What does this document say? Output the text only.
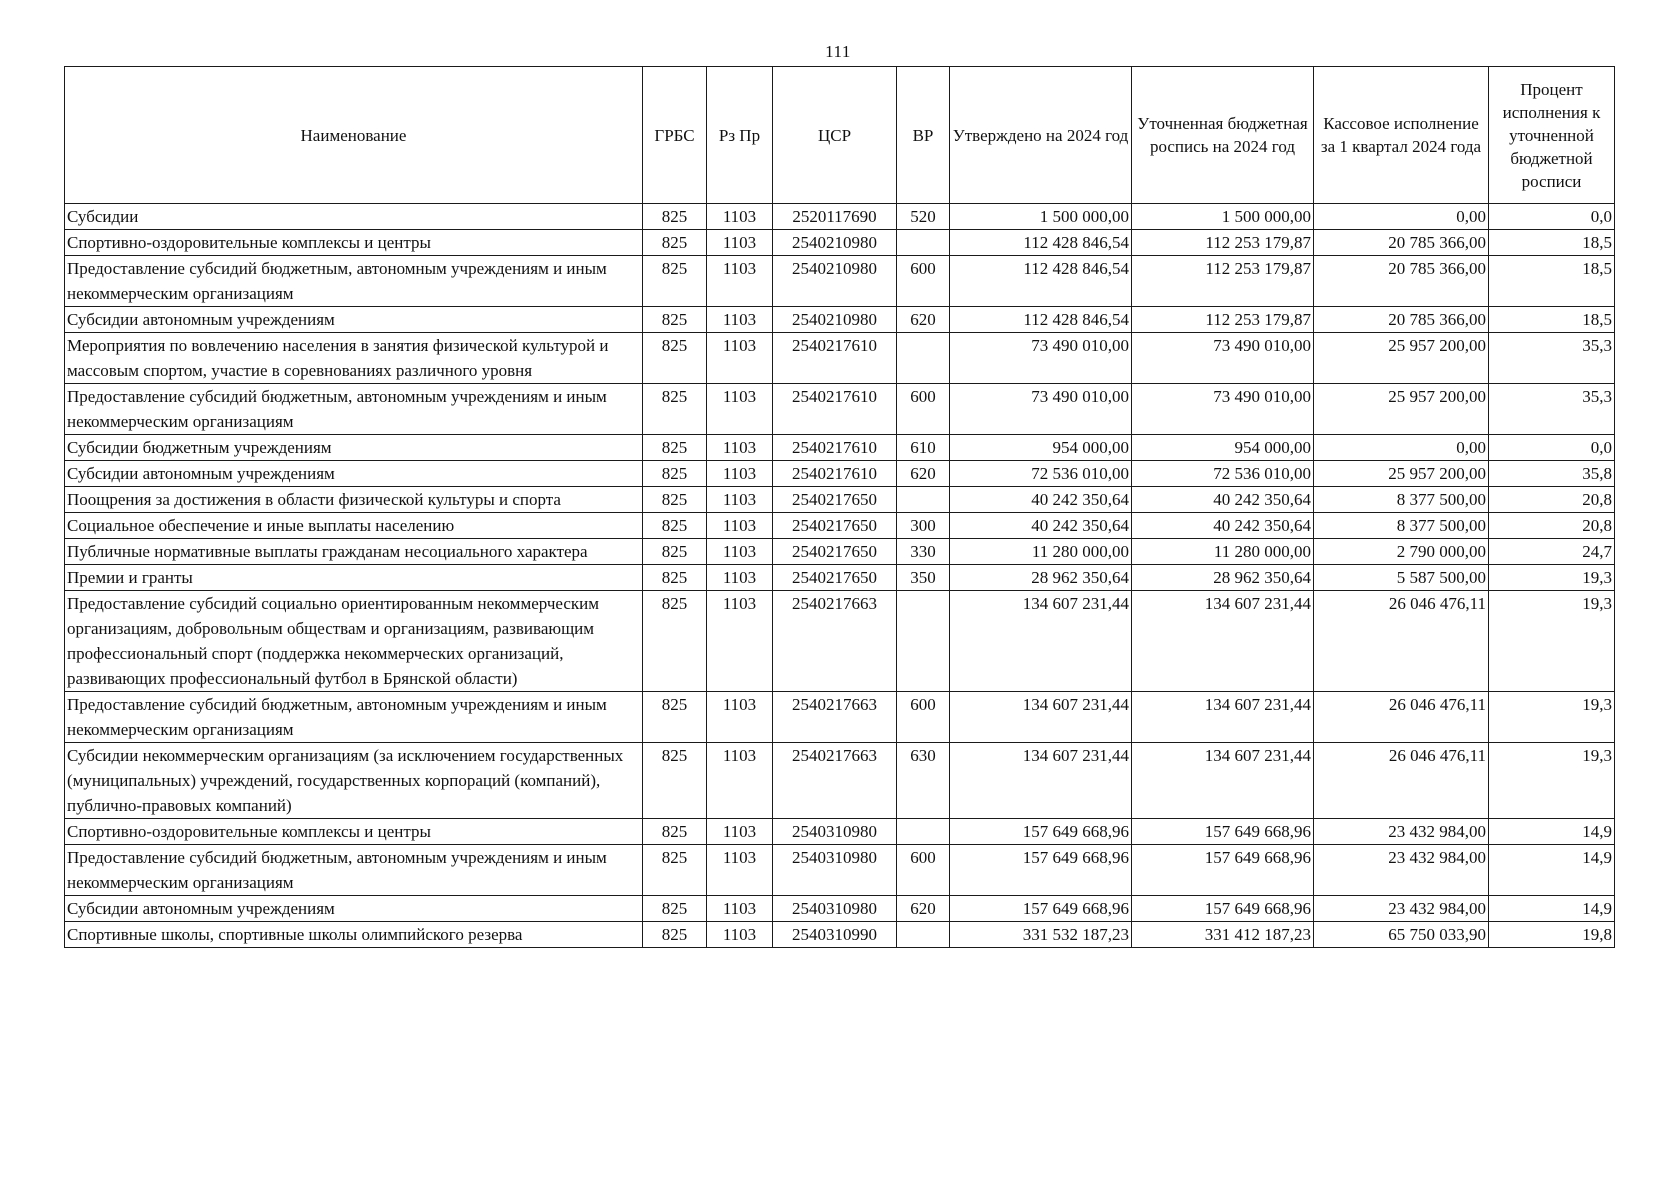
111
Наименование	ГРБС	Рз Пр	ЦСР	ВР	Утверждено на 2024 год	Уточненная бюджетная роспись на 2024 год	Кассовое исполнение за 1 квартал 2024 года	Процент исполнения к уточненной бюджетной росписи
Субсидии	825	1103	2520117690	520	1 500 000,00	1 500 000,00	0,00	0,0
Спортивно-оздоровительные комплексы и центры	825	1103	2540210980		112 428 846,54	112 253 179,87	20 785 366,00	18,5
Предоставление субсидий бюджетным, автономным учреждениям и иным некоммерческим организациям	825	1103	2540210980	600	112 428 846,54	112 253 179,87	20 785 366,00	18,5
Субсидии автономным учреждениям	825	1103	2540210980	620	112 428 846,54	112 253 179,87	20 785 366,00	18,5
Мероприятия по вовлечению населения в занятия физической культурой и массовым спортом, участие в соревнованиях различного уровня	825	1103	2540217610		73 490 010,00	73 490 010,00	25 957 200,00	35,3
Предоставление субсидий бюджетным, автономным учреждениям и иным некоммерческим организациям	825	1103	2540217610	600	73 490 010,00	73 490 010,00	25 957 200,00	35,3
Субсидии бюджетным учреждениям	825	1103	2540217610	610	954 000,00	954 000,00	0,00	0,0
Субсидии автономным учреждениям	825	1103	2540217610	620	72 536 010,00	72 536 010,00	25 957 200,00	35,8
Поощрения за достижения в области физической культуры и спорта	825	1103	2540217650		40 242 350,64	40 242 350,64	8 377 500,00	20,8
Социальное обеспечение и иные выплаты населению	825	1103	2540217650	300	40 242 350,64	40 242 350,64	8 377 500,00	20,8
Публичные нормативные выплаты гражданам несоциального характера	825	1103	2540217650	330	11 280 000,00	11 280 000,00	2 790 000,00	24,7
Премии и гранты	825	1103	2540217650	350	28 962 350,64	28 962 350,64	5 587 500,00	19,3
Предоставление субсидий социально ориентированным некоммерческим организациям, добровольным обществам и организациям, развивающим профессиональный спорт (поддержка некоммерческих организаций, развивающих профессиональный футбол в Брянской области)	825	1103	2540217663		134 607 231,44	134 607 231,44	26 046 476,11	19,3
Предоставление субсидий бюджетным, автономным учреждениям и иным некоммерческим организациям	825	1103	2540217663	600	134 607 231,44	134 607 231,44	26 046 476,11	19,3
Субсидии некоммерческим организациям (за исключением государственных (муниципальных) учреждений, государственных корпораций (компаний), публично-правовых компаний)	825	1103	2540217663	630	134 607 231,44	134 607 231,44	26 046 476,11	19,3
Спортивно-оздоровительные комплексы и центры	825	1103	2540310980		157 649 668,96	157 649 668,96	23 432 984,00	14,9
Предоставление субсидий бюджетным, автономным учреждениям и иным некоммерческим организациям	825	1103	2540310980	600	157 649 668,96	157 649 668,96	23 432 984,00	14,9
Субсидии автономным учреждениям	825	1103	2540310980	620	157 649 668,96	157 649 668,96	23 432 984,00	14,9
Спортивные школы, спортивные школы олимпийского резерва	825	1103	2540310990		331 532 187,23	331 412 187,23	65 750 033,90	19,8
